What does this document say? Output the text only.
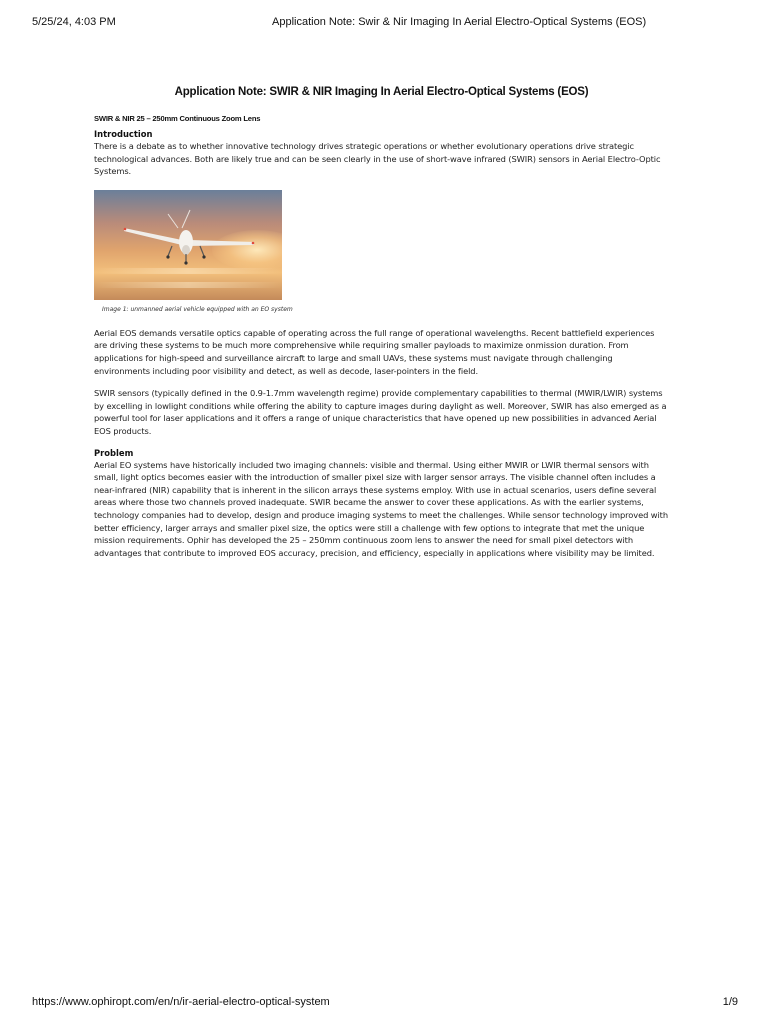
5/25/24, 4:03 PM	Application Note: Swir & Nir Imaging In Aerial Electro-Optical Systems (EOS)
Application Note: SWIR & NIR Imaging In Aerial Electro-Optical Systems (EOS)
SWIR & NIR 25 – 250mm Continuous Zoom Lens
Introduction

There is a debate as to whether innovative technology drives strategic operations or whether evolutionary operations drive strategic technological advances. Both are likely true and can be seen clearly in the use of short-wave infrared (SWIR) sensors in Aerial Electro-Optic Systems.

Image 1: unmanned aerial vehicle equipped with an EO system

Aerial EOS demands versatile optics capable of operating across the full range of operational wavelengths. Recent battlefield experiences are driving these systems to be much more comprehensive while requiring smaller payloads to maximize onmission duration. From applications for high-speed and surveillance aircraft to large and small UAVs, these systems must navigate through challenging environments including poor visibility and detect, as well as decode, laser-pointers in the field.

SWIR sensors (typically defined in the 0.9-1.7mm wavelength regime) provide complementary capabilities to thermal (MWIR/LWIR) systems by excelling in lowlight conditions while offering the ability to capture images during daylight as well. Moreover, SWIR has also emerged as a powerful tool for laser applications and it offers a range of unique characteristics that have opened up new possibilities in advanced Aerial EOS products.

Problem

Aerial EO systems have historically included two imaging channels: visible and thermal. Using either MWIR or LWIR thermal sensors with small, light optics becomes easier with the introduction of smaller pixel size with larger sensor arrays. The visible channel often includes a near-infrared (NIR) capability that is inherent in the silicon arrays these systems employ. With use in actual scenarios, users define several areas where those two channels proved inadequate. SWIR became the answer to cover these applications. As with the earlier systems, technology companies had to develop, design and produce imaging systems to meet the challenges. While sensor technology improved with better efficiency, larger arrays and smaller pixel size, the optics were still a challenge with few options to integrate that met the unique mission requirements. Ophir has developed the 25 – 250mm continuous zoom lens to answer the need for small pixel detectors with advantages that contribute to improved EOS accuracy, precision, and efficiency, especially in applications where visibility may be limited.

https://www.ophiropt.com/en/n/ir-aerial-electro-optical-system	1/9
